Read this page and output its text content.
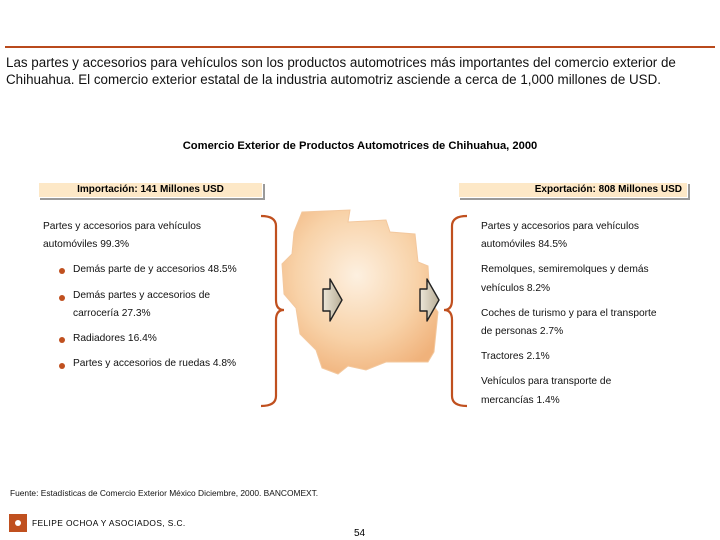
Las partes y accesorios para vehículos son los productos automotrices más importantes del comercio exterior de Chihuahua. El comercio exterior estatal de la industria automotriz asciende a cerca de 1,000 millones de USD.
Comercio Exterior de Productos Automotrices de Chihuahua, 2000
Importación: 141 Millones USD	Exportación: 808 Millones USD
Partes y accesorios para vehículos
automóviles 99.3%
Demás parte de y accesorios 48.5%
Demás partes y accesorios de
carrocería 27.3%
Radiadores 16.4%
Partes y accesorios de ruedas 4.8%
Partes y accesorios para vehículos
automóviles 84.5%
Remolques, semiremolques y demás
vehículos 8.2%
Coches de turismo y para el transporte
de personas 2.7%
Tractores 2.1%
Vehículos para transporte de
mercancías 1.4%
Fuente: Estadísticas de Comercio Exterior México Diciembre, 2000. BANCOMEXT.
FELIPE OCHOA Y ASOCIADOS, S.C.
54
